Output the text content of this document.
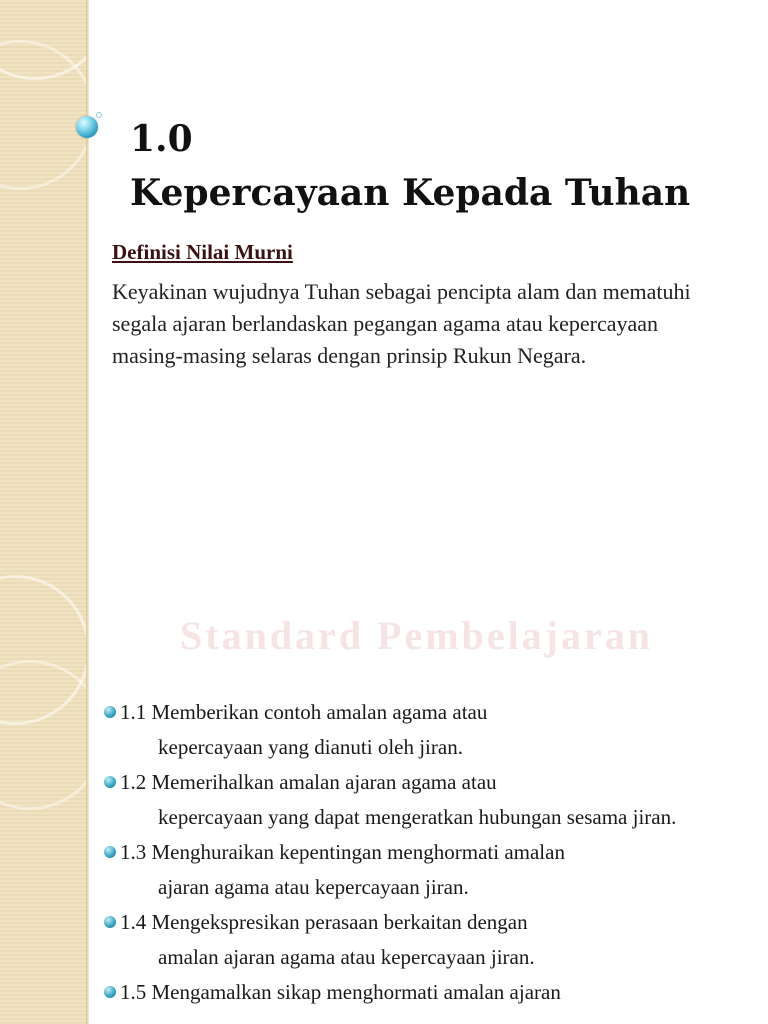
1.0
Kepercayaan Kepada Tuhan
Definisi Nilai Murni

Keyakinan wujudnya Tuhan sebagai pencipta alam dan mematuhi segala ajaran berlandaskan pegangan agama atau kepercayaan masing-masing selaras dengan prinsip Rukun Negara.

Standard Pembelajaran
1.1 Memberikan contoh amalan agama atau
kepercayaan yang dianuti oleh jiran.
1.2 Memerihalkan amalan ajaran agama atau
kepercayaan yang dapat mengeratkan hubungan sesama jiran.
1.3 Menghuraikan kepentingan menghormati amalan
ajaran agama atau kepercayaan jiran.
1.4 Mengekspresikan perasaan berkaitan dengan
amalan ajaran agama atau kepercayaan jiran.
1.5 Mengamalkan sikap menghormati amalan ajaran
